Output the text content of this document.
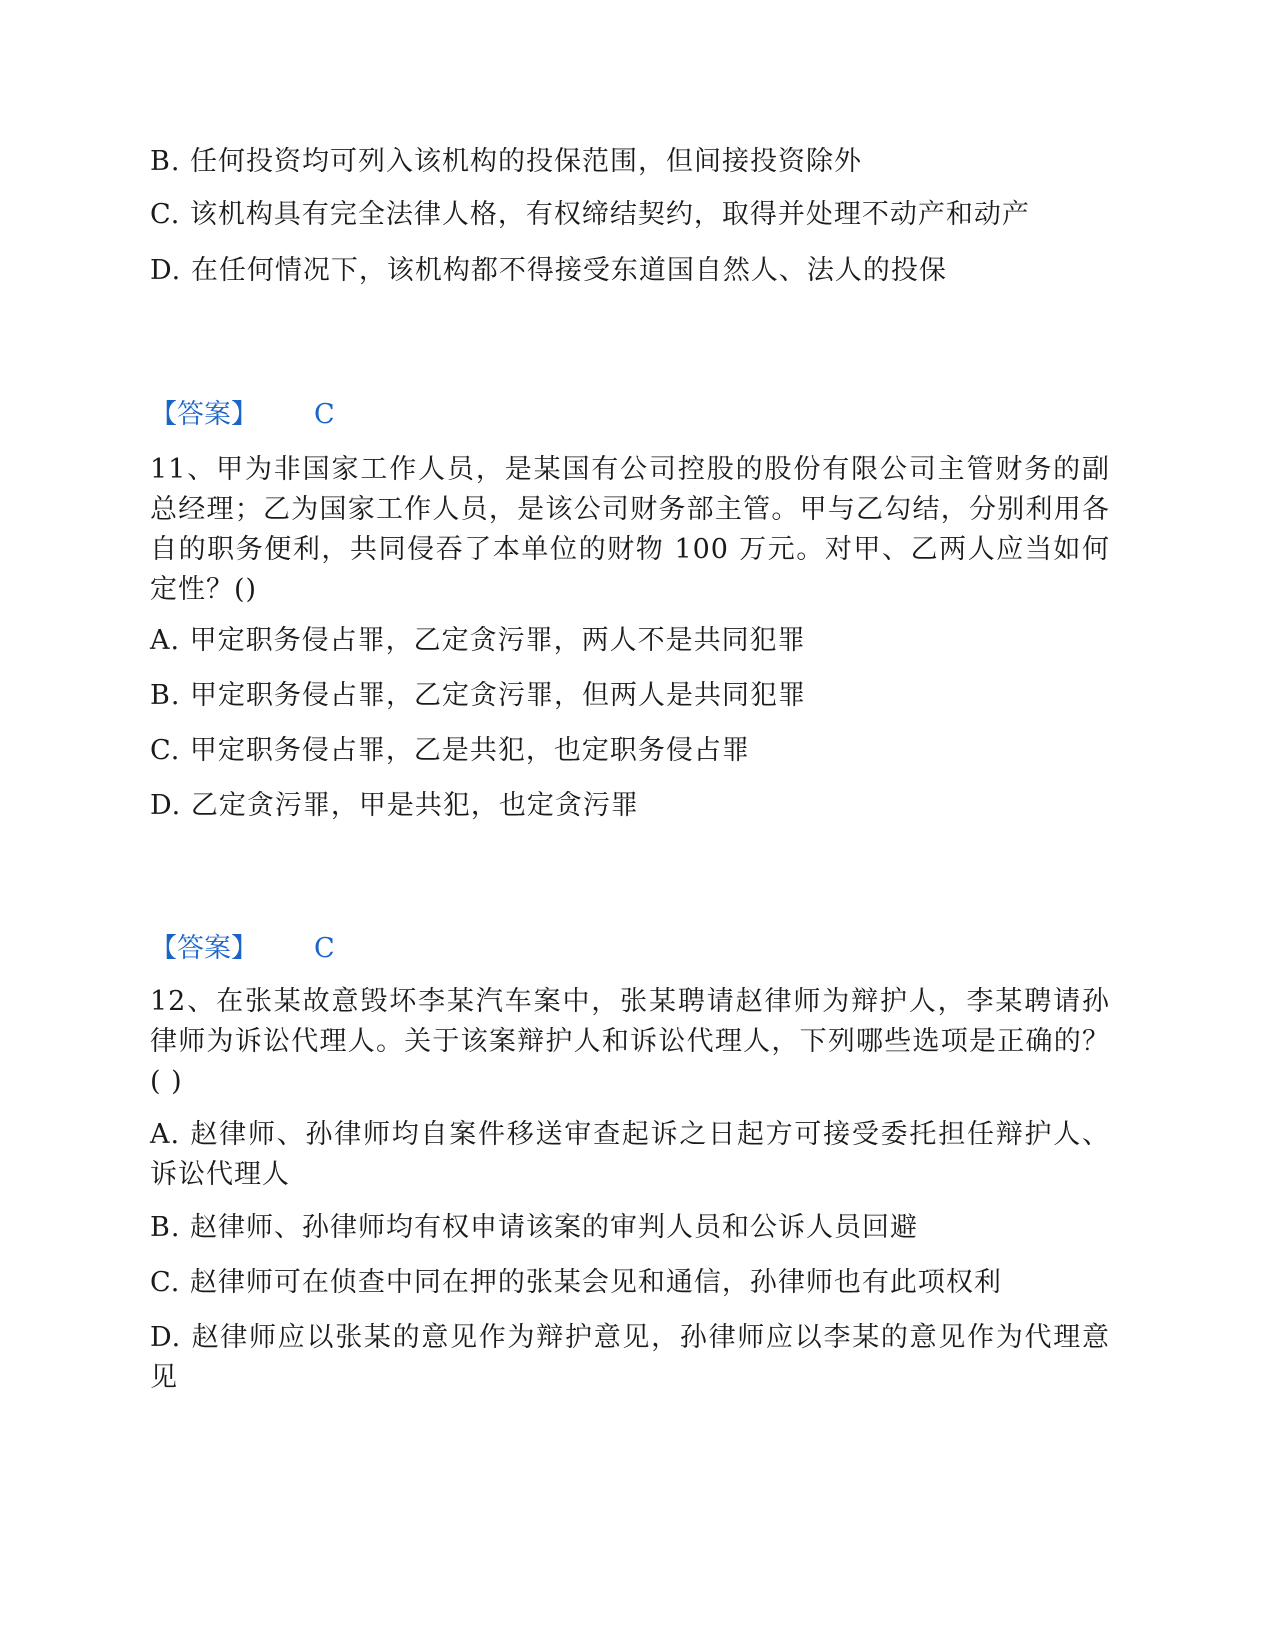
B. 任何投资均可列入该机构的投保范围，但间接投资除外
C. 该机构具有完全法律人格，有权缔结契约，取得并处理不动产和动产
D. 在任何情况下，该机构都不得接受东道国自然人、法人的投保
【答案】 C
11、甲为非国家工作人员，是某国有公司控股的股份有限公司主管财务的副总经理；乙为国家工作人员，是该公司财务部主管。甲与乙勾结，分别利用各自的职务便利，共同侵吞了本单位的财物 100 万元。对甲、乙两人应当如何定性？()
A. 甲定职务侵占罪，乙定贪污罪，两人不是共同犯罪
B. 甲定职务侵占罪，乙定贪污罪，但两人是共同犯罪
C. 甲定职务侵占罪，乙是共犯，也定职务侵占罪
D. 乙定贪污罪，甲是共犯，也定贪污罪
【答案】 C
12、在张某故意毁坏李某汽车案中，张某聘请赵律师为辩护人，李某聘请孙律师为诉讼代理人。关于该案辩护人和诉讼代理人，下列哪些选项是正确的？( )
A. 赵律师、孙律师均自案件移送审查起诉之日起方可接受委托担任辩护人、诉讼代理人
B. 赵律师、孙律师均有权申请该案的审判人员和公诉人员回避
C. 赵律师可在侦查中同在押的张某会见和通信，孙律师也有此项权利
D. 赵律师应以张某的意见作为辩护意见，孙律师应以李某的意见作为代理意见
